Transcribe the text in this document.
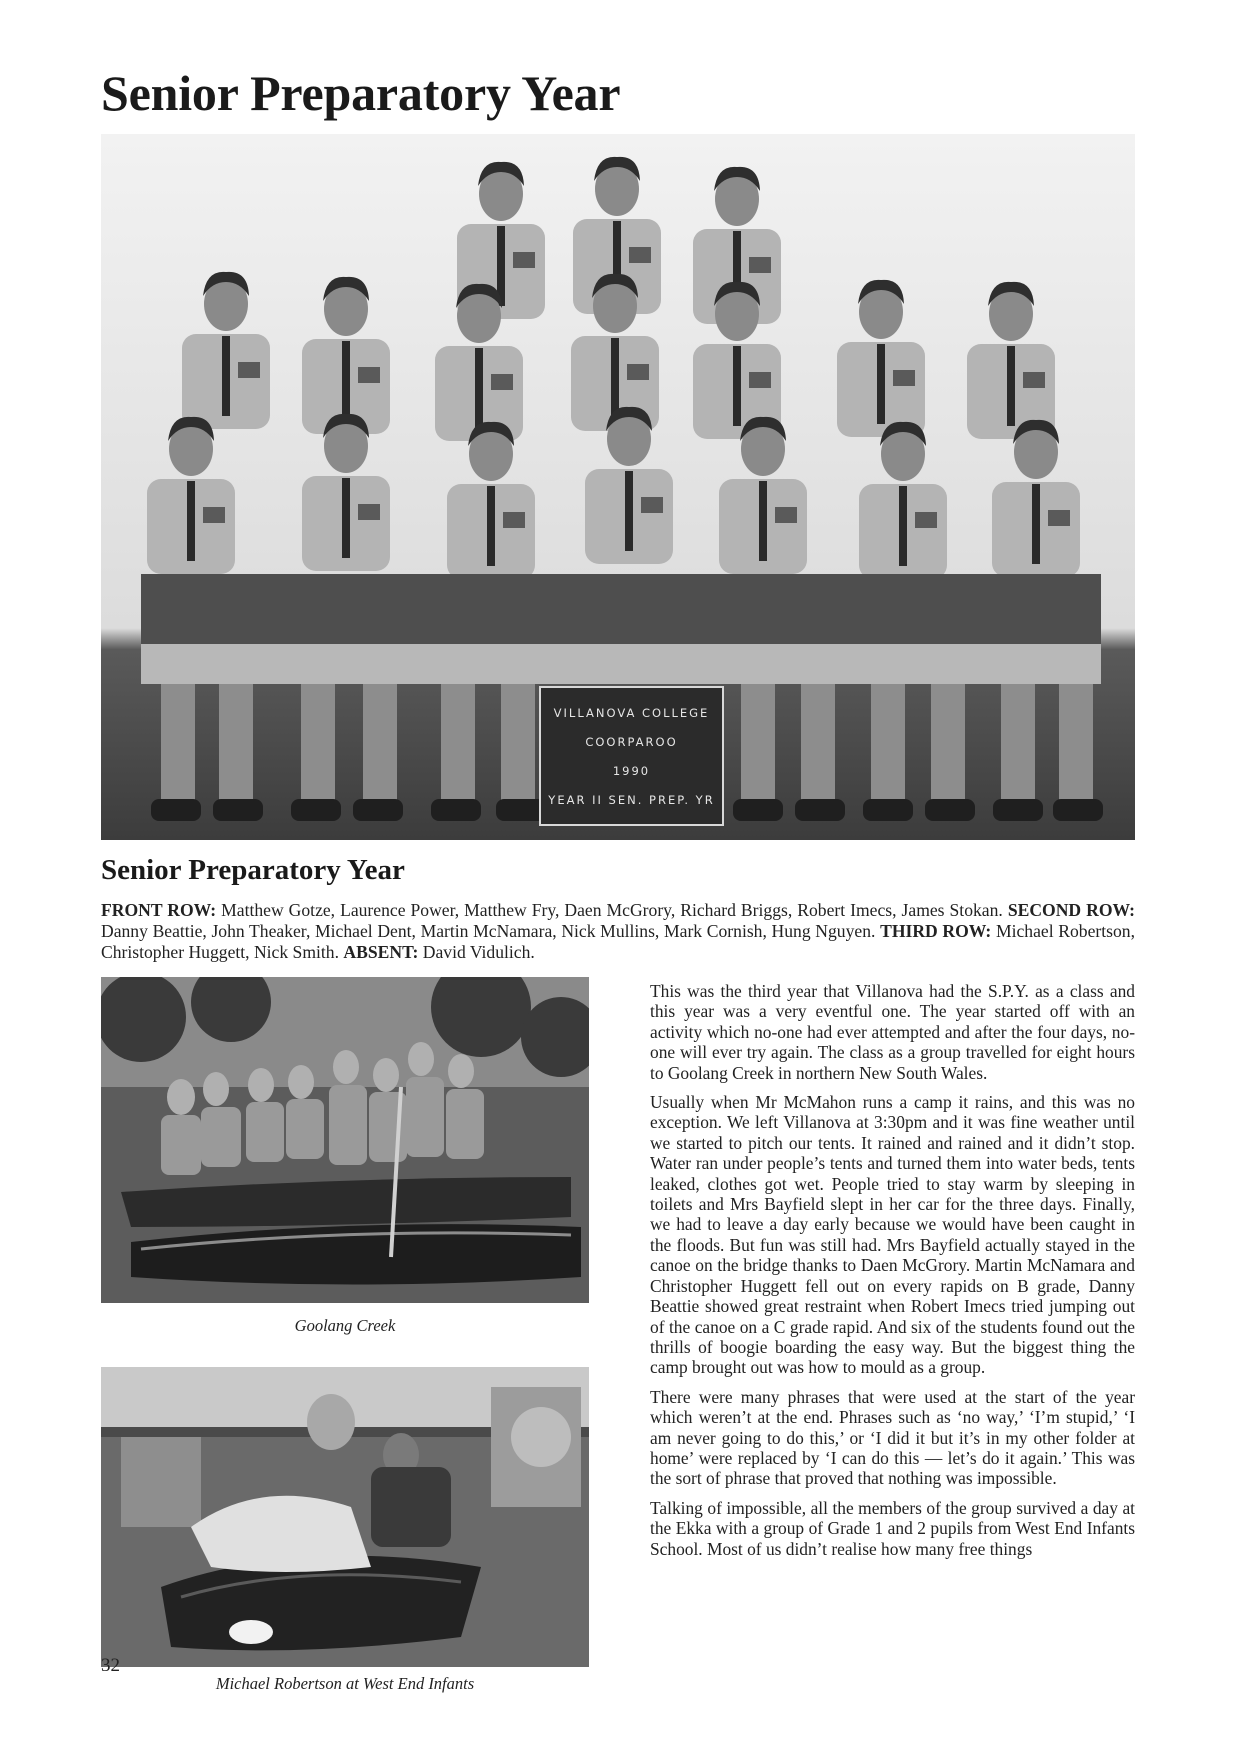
Senior Preparatory Year
VILLANOVA COLLEGE
COORPAROO
1990
YEAR II SEN. PREP. YR
Senior Preparatory Year

FRONT ROW: Matthew Gotze, Laurence Power, Matthew Fry, Daen McGrory, Richard Briggs, Robert Imecs, James Stokan. SECOND ROW: Danny Beattie, John Theaker, Michael Dent, Martin McNamara, Nick Mullins, Mark Cornish, Hung Nguyen. THIRD ROW: Michael Robertson, Christopher Huggett, Nick Smith. ABSENT: David Vidulich.

Goolang Creek

Michael Robertson at West End Infants

This was the third year that Villanova had the S.P.Y. as a class and this year was a very eventful one. The year started off with an activity which no-one had ever attempted and after the four days, no-one will ever try again. The class as a group travelled for eight hours to Goolang Creek in northern New South Wales.

Usually when Mr McMahon runs a camp it rains, and this was no exception. We left Villanova at 3:30pm and it was fine weather until we started to pitch our tents. It rained and rained and it didn’t stop. Water ran under people’s tents and turned them into water beds, tents leaked, clothes got wet. People tried to stay warm by sleeping in toilets and Mrs Bayfield slept in her car for the three days. Finally, we had to leave a day early because we would have been caught in the floods. But fun was still had. Mrs Bayfield actually stayed in the canoe on the bridge thanks to Daen McGrory. Martin McNamara and Christopher Huggett fell out on every rapids on B grade, Danny Beattie showed great restraint when Robert Imecs tried jumping out of the canoe on a C grade rapid. And six of the students found out the thrills of boogie boarding the easy way. But the biggest thing the camp brought out was how to mould as a group.

There were many phrases that were used at the start of the year which weren’t at the end. Phrases such as ‘no way,’ ‘I’m stupid,’ ‘I am never going to do this,’ or ‘I did it but it’s in my other folder at home’ were replaced by ‘I can do this — let’s do it again.’ This was the sort of phrase that proved that nothing was impossible.

Talking of impossible, all the members of the group survived a day at the Ekka with a group of Grade 1 and 2 pupils from West End Infants School. Most of us didn’t realise how many free things

32
